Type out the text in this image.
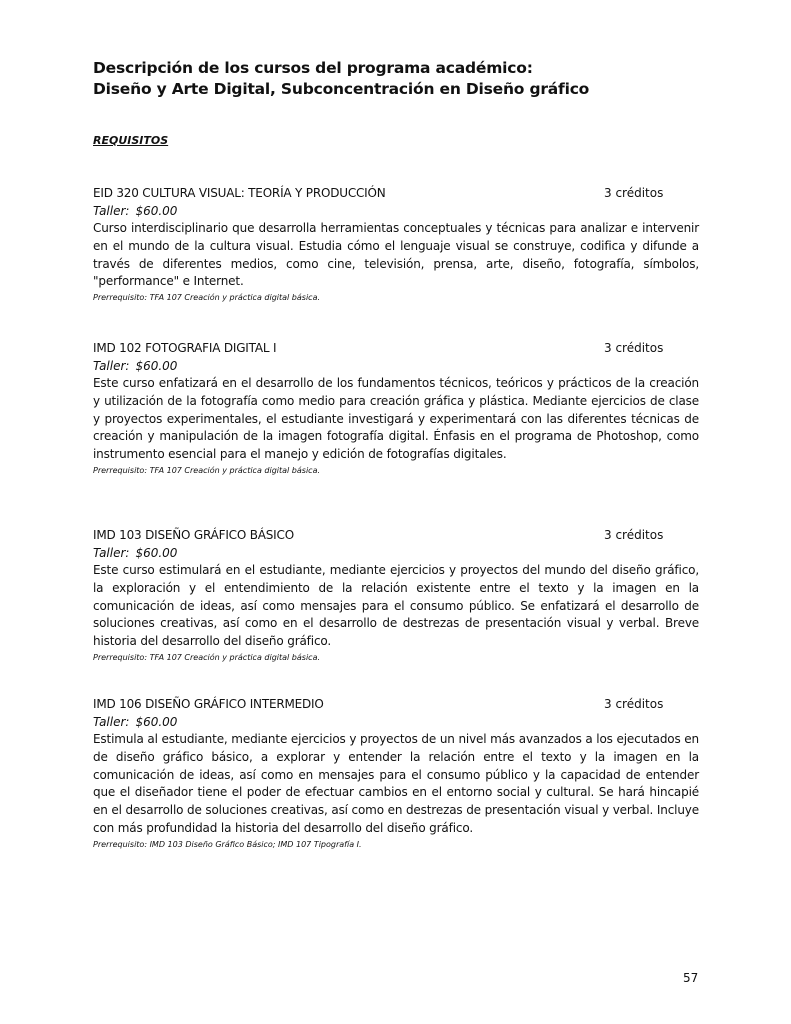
Descripción de los cursos del programa académico:
Diseño y Arte Digital, Subconcentración en Diseño gráfico
REQUISITOS
EID 320 CULTURA VISUAL: TEORÍA Y PRODUCCIÓN	3 créditos
Taller: $60.00

Curso interdisciplinario que desarrolla herramientas conceptuales y técnicas para analizar e intervenir en el mundo de la cultura visual. Estudia cómo el lenguaje visual se construye, codifica y difunde a través de diferentes medios, como cine, televisión, prensa, arte, diseño, fotografía, símbolos, "performance" e Internet.

Prerrequisito: TFA 107 Creación y práctica digital básica.
IMD 102 FOTOGRAFIA DIGITAL I	3 créditos
Taller: $60.00

Este curso enfatizará en el desarrollo de los fundamentos técnicos, teóricos y prácticos de la creación y utilización de la fotografía como medio para creación gráfica y plástica. Mediante ejercicios de clase y proyectos experimentales, el estudiante investigará y experimentará con las diferentes técnicas de creación y manipulación de la imagen fotografía digital. Énfasis en el programa de Photoshop, como instrumento esencial para el manejo y edición de fotografías digitales.

Prerrequisito: TFA 107 Creación y práctica digital básica.
IMD 103 DISEÑO GRÁFICO BÁSICO	3 créditos
Taller: $60.00

Este curso estimulará en el estudiante, mediante ejercicios y proyectos del mundo del diseño gráfico, la exploración y el entendimiento de la relación existente entre el texto y la imagen en la comunicación de ideas, así como mensajes para el consumo público. Se enfatizará el desarrollo de soluciones creativas, así como en el desarrollo de destrezas de presentación visual y verbal. Breve historia del desarrollo del diseño gráfico.

Prerrequisito: TFA 107 Creación y práctica digital básica.
IMD 106 DISEÑO GRÁFICO INTERMEDIO	3 créditos
Taller: $60.00

Estimula al estudiante, mediante ejercicios y proyectos de un nivel más avanzados a los ejecutados en de diseño gráfico básico, a explorar y entender la relación entre el texto y la imagen en la comunicación de ideas, así como en mensajes para el consumo público y la capacidad de entender que el diseñador tiene el poder de efectuar cambios en el entorno social y cultural. Se hará hincapié en el desarrollo de soluciones creativas, así como en destrezas de presentación visual y verbal. Incluye con más profundidad la historia del desarrollo del diseño gráfico.

Prerrequisito: IMD 103 Diseño Gráfico Básico; IMD 107 Tipografía I.
57
